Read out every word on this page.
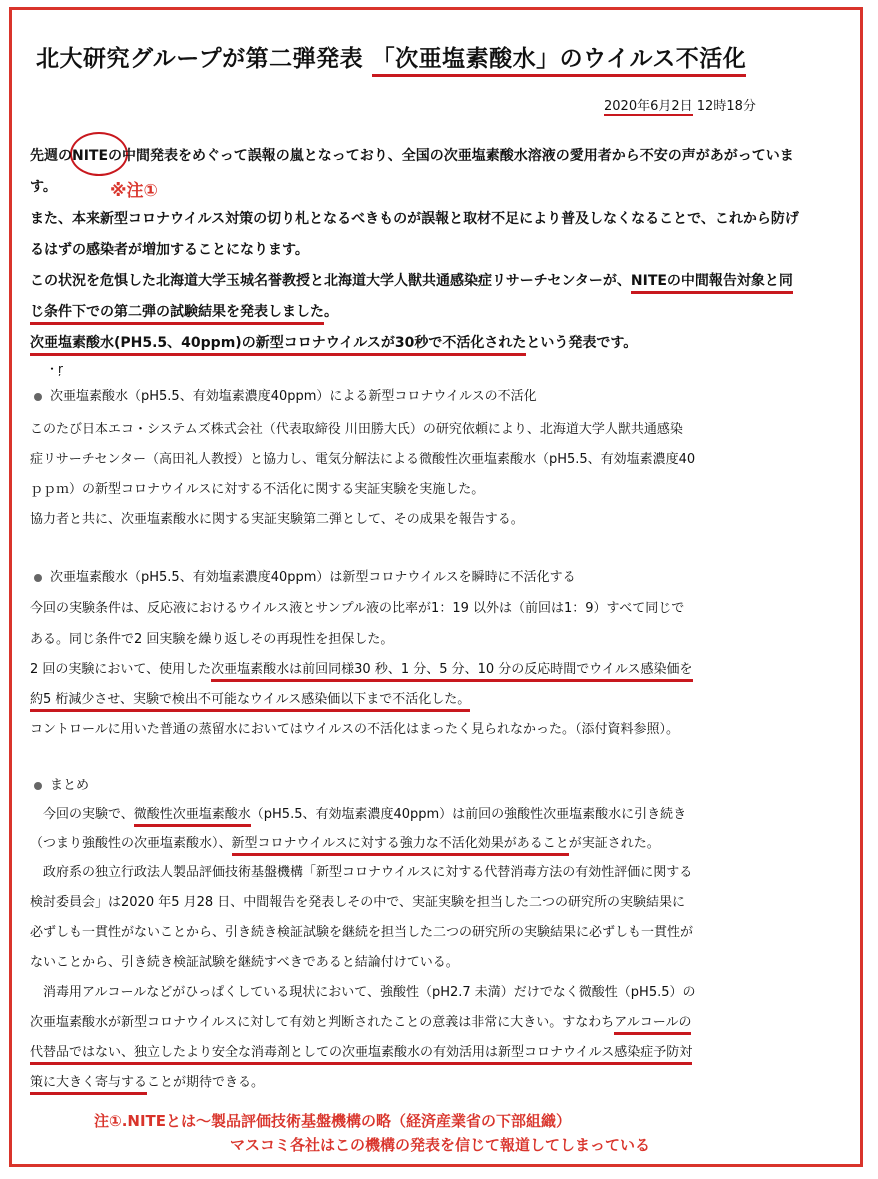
北大研究グループが第二弾発表 「次亜塩素酸水」のウイルス不活化
2020年6月2日 12時18分
先週のNITEの中間発表をめぐって誤報の嵐となっており、全国の次亜塩素酸水溶液の愛用者から不安の声があがっていま
す。	※注①
また、本来新型コロナウイルス対策の切り札となるべきものが誤報と取材不足により普及しなくなることで、これから防げ
るはずの感染者が増加することになります。
この状況を危惧した北海道大学玉城名誉教授と北海道大学人獣共通感染症リサーチセンターが、NITEの中間報告対象と同
じ条件下での第二弾の試験結果を発表しました。
次亜塩素酸水(PH5.5、40ppm)の新型コロナウイルスが30秒で不活化されたという発表です。
・ŗ
次亜塩素酸水（pH5.5、有効塩素濃度40ppm）による新型コロナウイルスの不活化
このたび日本エコ・システムズ株式会社（代表取締役 川田勝大氏）の研究依頼により、北海道大学人獣共通感染
症リサーチセンター（高田礼人教授）と協力し、電気分解法による微酸性次亜塩素酸水（pH5.5、有効塩素濃度40
ｐｐｍ）の新型コロナウイルスに対する不活化に関する実証実験を実施した。
協力者と共に、次亜塩素酸水に関する実証実験第二弾として、その成果を報告する。
次亜塩素酸水（pH5.5、有効塩素濃度40ppm）は新型コロナウイルスを瞬時に不活化する
今回の実験条件は、反応液におけるウイルス液とサンプル液の比率が1：19 以外は（前回は1：9）すべて同じで
ある。同じ条件で2 回実験を繰り返しその再現性を担保した。
2 回の実験において、使用した次亜塩素酸水は前回同様30 秒、1 分、5 分、10 分の反応時間でウイルス感染価を
約5 桁減少させ、実験で検出不可能なウイルス感染価以下まで不活化した。
コントロールに用いた普通の蒸留水においてはウイルスの不活化はまったく見られなかった。（添付資料参照）。
まとめ
　今回の実験で、微酸性次亜塩素酸水（pH5.5、有効塩素濃度40ppm）は前回の強酸性次亜塩素酸水に引き続き
（つまり強酸性の次亜塩素酸水）、新型コロナウイルスに対する強力な不活化効果があることが実証された。
　政府系の独立行政法人製品評価技術基盤機構「新型コロナウイルスに対する代替消毒方法の有効性評価に関する
検討委員会」は2020 年5 月28 日、中間報告を発表しその中で、実証実験を担当した二つの研究所の実験結果に
必ずしも一貫性がないことから、引き続き検証試験を継続を担当した二つの研究所の実験結果に必ずしも一貫性が
ないことから、引き続き検証試験を継続すべきであると結論付けている。
　消毒用アルコールなどがひっぱくしている現状において、強酸性（pH2.7 未満）だけでなく微酸性（pH5.5）の
次亜塩素酸水が新型コロナウイルスに対して有効と判断されたことの意義は非常に大きい。すなわちアルコールの
代替品ではない、独立したより安全な消毒剤としての次亜塩素酸水の有効活用は新型コロナウイルス感染症予防対
策に大きく寄与することが期待できる。
注①.NITEとは～製品評価技術基盤機構の略（経済産業省の下部組織）
マスコミ各社はこの機構の発表を信じて報道してしまっている
